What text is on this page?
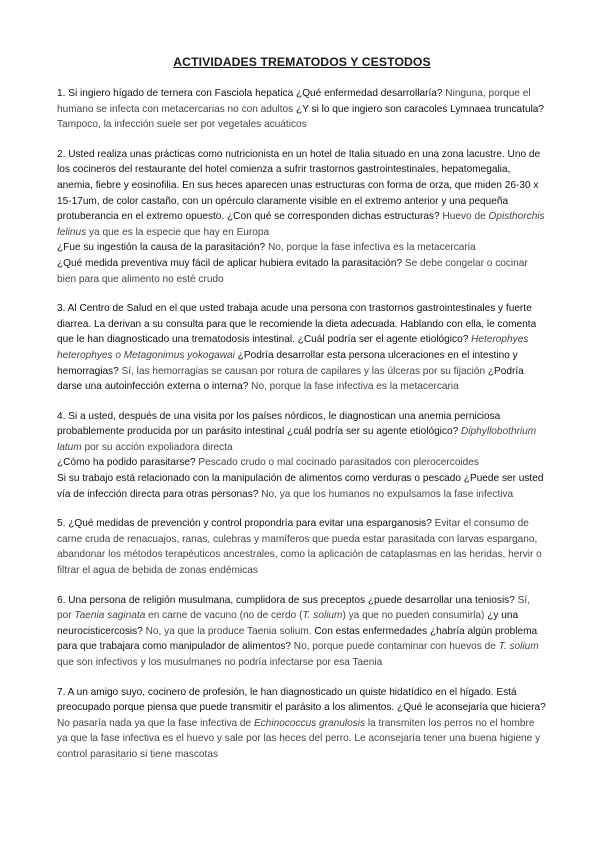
ACTIVIDADES TREMATODOS Y CESTODOS

1. Si ingiero hígado de ternera con Fasciola hepatica ¿Qué enfermedad desarrollaría? Ninguna, porque el humano se infecta con metacercarias no con adultos ¿Y si lo que ingiero son caracoles Lymnaea truncatula? Tampoco, la infección suele ser por vegetales acuáticos

2. Usted realiza unas prácticas como nutricionista en un hotel de Italia situado en una zona lacustre. Uno de los cocineros del restaurante del hotel comienza a sufrir trastornos gastrointestinales, hepatomegalia, anemia, fiebre y eosinofilia. En sus heces aparecen unas estructuras con forma de orza, que miden 26-30 x 15-17um, de color castaño, con un opérculo claramente visible en el extremo anterior y una pequeña protuberancia en el extremo opuesto. ¿Con qué se corresponden dichas estructuras? Huevo de Opisthorchis felinus ya que es la especie que hay en Europa
¿Fue su ingestión la causa de la parasitación? No, porque la fase infectiva es la metacercaria
¿Qué medida preventiva muy fácil de aplicar hubiera evitado la parasitación? Se debe congelar o cocinar bien para que alimento no esté crudo

3. Al Centro de Salud en el que usted trabaja acude una persona con trastornos gastrointestinales y fuerte diarrea. La derivan a su consulta para que le recomiende la dieta adecuada. Hablando con ella, le comenta que le han diagnosticado una trematodosis intestinal. ¿Cuál podría ser el agente etiológico? Heterophyes heterophyes o Metagonimus yokogawai ¿Podría desarrollar esta persona ulceraciones en el intestino y hemorragias? Sí, las hemorragias se causan por rotura de capilares y las úlceras por su fijación ¿Podría darse una autoinfección externa o interna? No, porque la fase infectiva es la metacercaria

4. Si a usted, después de una visita por los países nórdicos, le diagnostican una anemia perniciosa probablemente producida por un parásito intestinal ¿cuál podría ser su agente etiológico? Diphyllobothrium latum por su acción expoliadora directa
¿Cómo ha podido parasitarse? Pescado crudo o mal cocinado parasitados con plerocercoides
Si su trabajo está relacionado con la manipulación de alimentos como verduras o pescado ¿Puede ser usted vía de infección directa para otras personas? No, ya que los humanos no expulsamos la fase infectiva

5. ¿Qué medidas de prevención y control propondría para evitar una esparganosis? Evitar el consumo de carne cruda de renacuajos, ranas, culebras y mamíferos que pueda estar parasitada con larvas espargano, abandonar los métodos terapéuticos ancestrales, como la aplicación de cataplasmas en las heridas, hervir o filtrar el agua de bebida de zonas endémicas

6. Una persona de religión musulmana, cumplidora de sus preceptos ¿puede desarrollar una teniosis? Sí, por Taenia saginata en carne de vacuno (no de cerdo (T. solium) ya que no pueden consumirla) ¿y una neurocisticercosis? No, ya que la produce Taenia solium. Con estas enfermedades ¿habría algún problema para que trabajara como manipulador de alimentos? No, porque puede contaminar con huevos de T. solium que son infectivos y los musulmanes no podría infectarse por esa Taenia

7. A un amigo suyo, cocinero de profesión, le han diagnosticado un quiste hidatídico en el hígado. Está preocupado porque piensa que puede transmitir el parásito a los alimentos. ¿Qué le aconsejaría que hiciera? No pasaría nada ya que la fase infectiva de Echinococcus granulosis la transmiten los perros no el hombre ya que la fase infectiva es el huevo y sale por las heces del perro. Le aconsejaría tener una buena higiene y control parasitario si tiene mascotas
